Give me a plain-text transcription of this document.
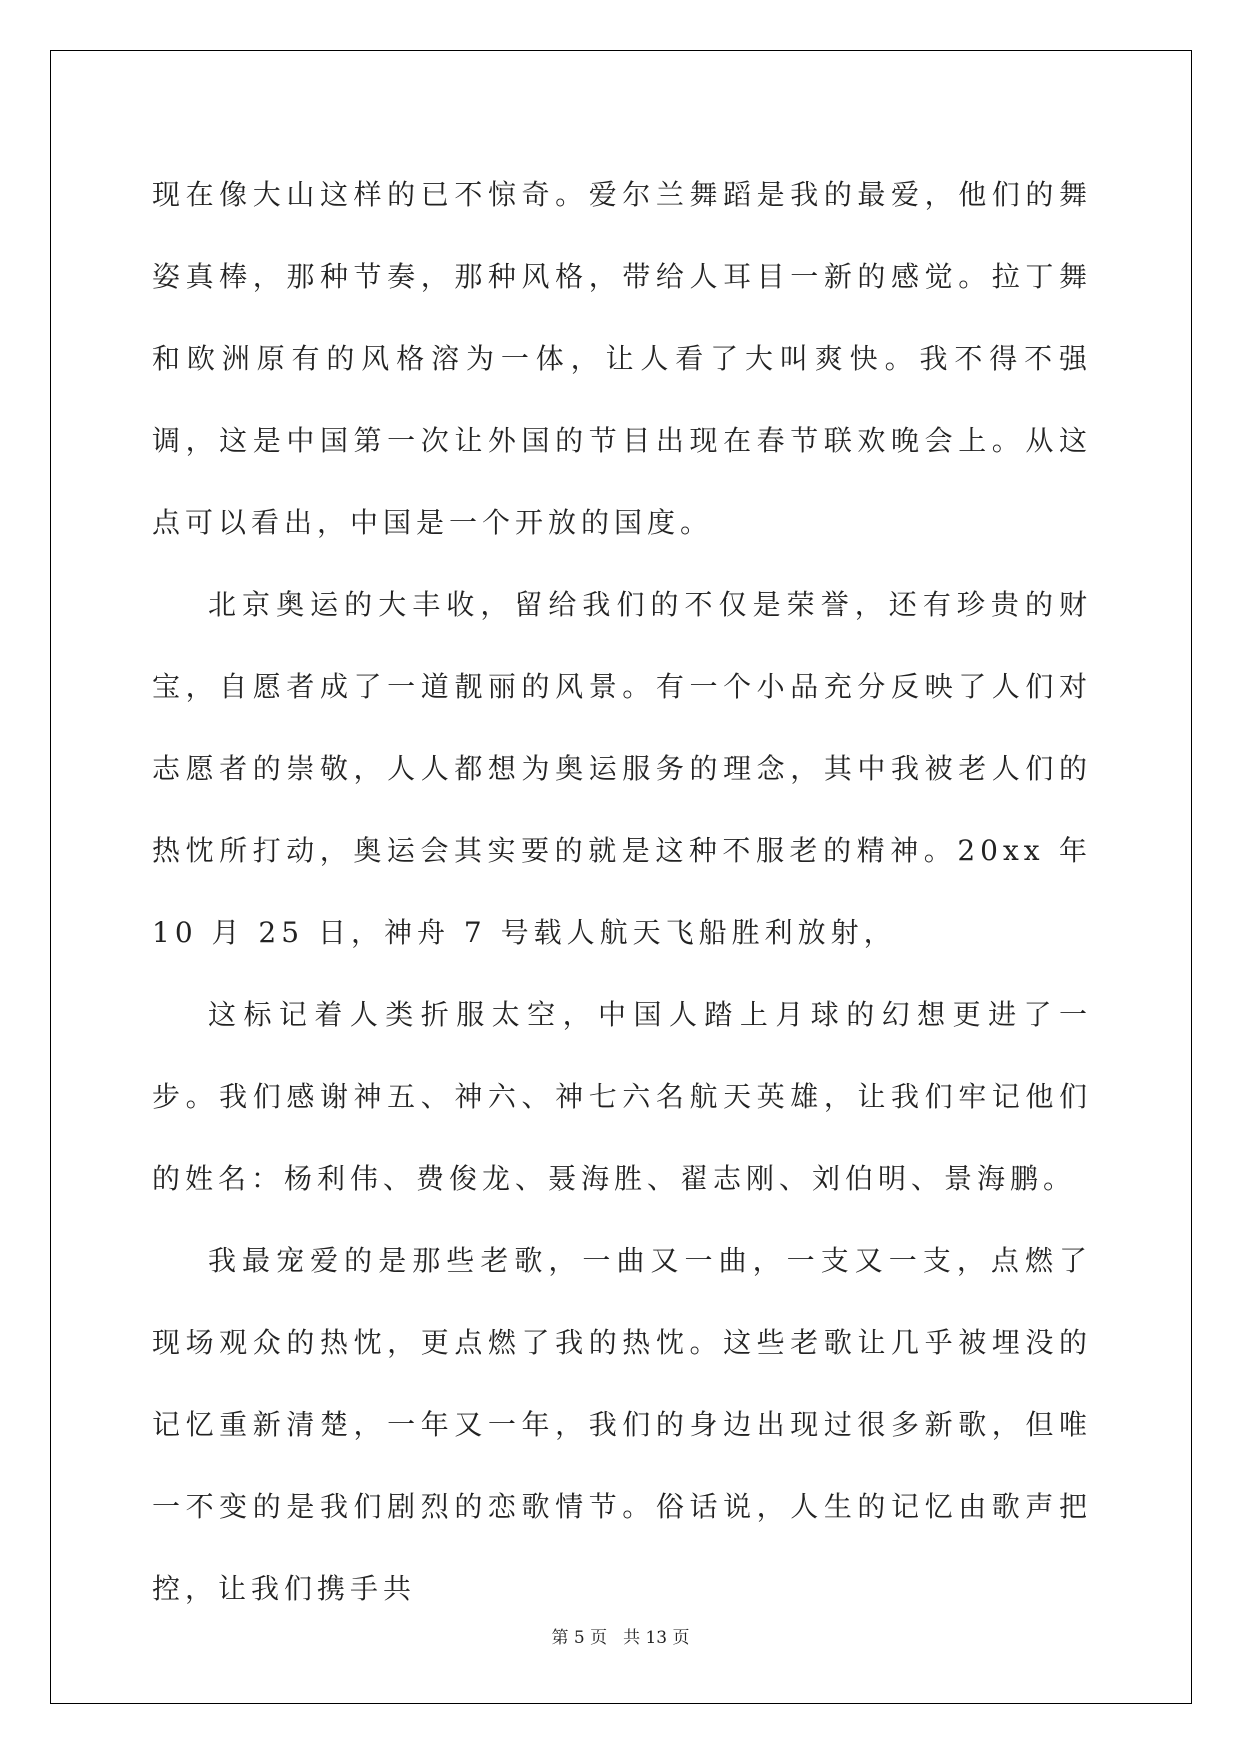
现在像大山这样的已不惊奇。爱尔兰舞蹈是我的最爱，他们的舞姿真棒，那种节奏，那种风格，带给人耳目一新的感觉。拉丁舞和欧洲原有的风格溶为一体，让人看了大叫爽快。我不得不强调，这是中国第一次让外国的节目出现在春节联欢晚会上。从这点可以看出，中国是一个开放的国度。

北京奥运的大丰收，留给我们的不仅是荣誉，还有珍贵的财宝，自愿者成了一道靓丽的风景。有一个小品充分反映了人们对志愿者的崇敬，人人都想为奥运服务的理念，其中我被老人们的热忱所打动，奥运会其实要的就是这种不服老的精神。20xx 年 10 月 25 日，神舟 7 号载人航天飞船胜利放射，

这标记着人类折服太空，中国人踏上月球的幻想更进了一步。我们感谢神五、神六、神七六名航天英雄，让我们牢记他们的姓名：杨利伟、费俊龙、聂海胜、翟志刚、刘伯明、景海鹏。

我最宠爱的是那些老歌，一曲又一曲，一支又一支，点燃了现场观众的热忱，更点燃了我的热忱。这些老歌让几乎被埋没的记忆重新清楚，一年又一年，我们的身边出现过很多新歌，但唯一不变的是我们剧烈的恋歌情节。俗话说，人生的记忆由歌声把控，让我们携手共

第 5 页 共 13 页
